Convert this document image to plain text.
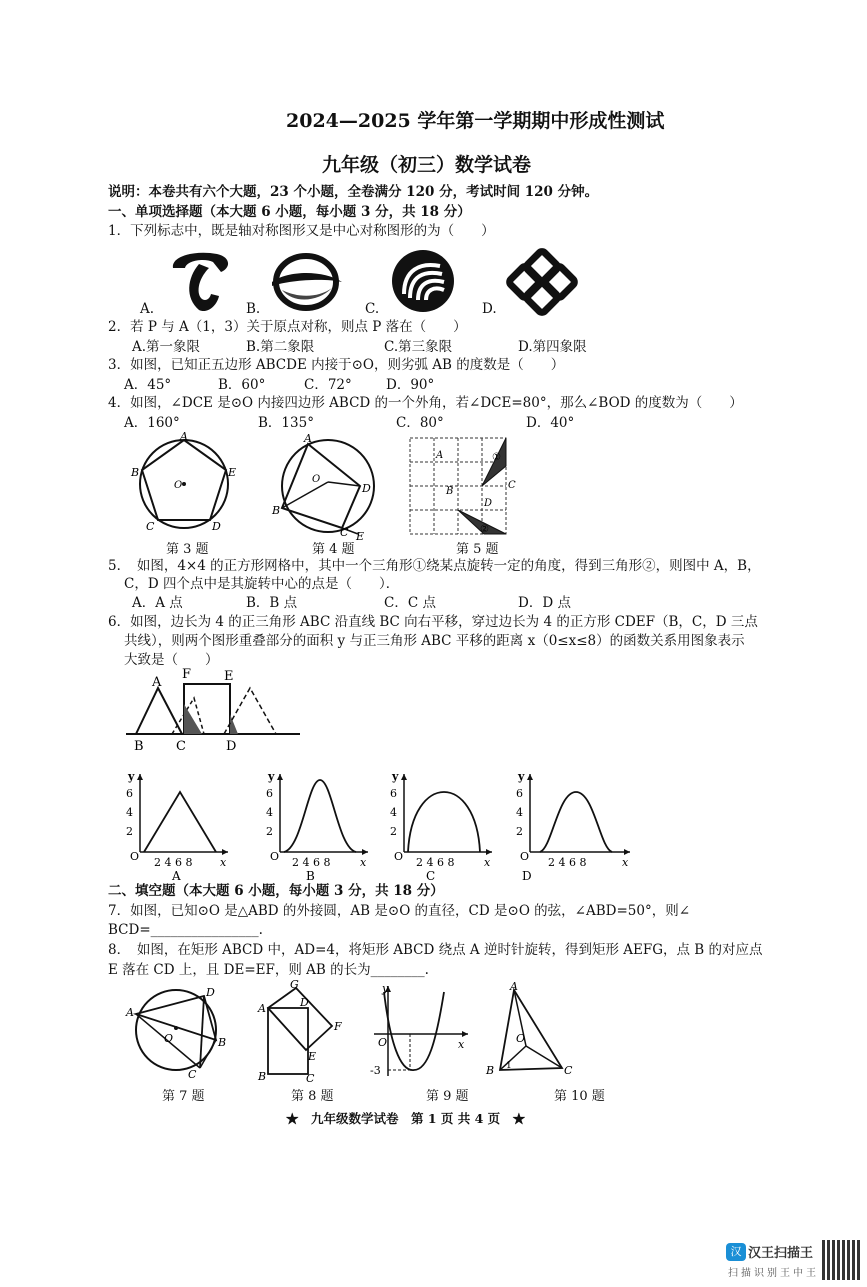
2024—2025 学年第一学期期中形成性测试
九年级（初三）数学试卷
说明：本卷共有六个大题，23 个小题，全卷满分 120 分，考试时间 120 分钟。
一、单项选择题（本大题 6 小题，每小题 3 分，共 18 分）
1．下列标志中，既是轴对称图形又是中心对称图形的为（　　）
A.	B.	C.	D.
2．若 P 与 A（1，3）关于原点对称，则点 P 落在（　　）
A.第一象限	B.第二象限	C.第三象限	D.第四象限
3．如图，已知正五边形 ABCDE 内接于⊙O，则劣弧 AB 的度数是（　　）
A．45°	B．60°	C．72°	D．90°
4．如图，∠DCE 是⊙O 内接四边形 ABCD 的一个外角，若∠DCE=80°，那么∠BOD 的度数为（　　）
A．160°	B．135°	C．80°	D．40°
A
B	E
C	D
O
第 3 题
A
O
D
B
C E
第 4 题
A
B
C
D
①
②
第 5 题
5．　如图，4×4 的正方形网格中，其中一个三角形①绕某点旋转一定的角度，得到三角形②，则图中 A，B，
C，D 四个点中是其旋转中心的点是（　　）．
A．A 点	B．B 点	C．C 点	D．D 点
6．如图，边长为 4 的正三角形 ABC 沿直线 BC 向右平移，穿过边长为 4 的正方形 CDEF（B，C，D 三点
共线），则两个图形重叠部分的面积 y 与正三角形 ABC 平移的距离 x（0≤x≤8）的函数关系用图象表示
大致是（　　）
A
F	E
B C	D
y
6
4
2
O 2 4 6 8	x
A
y
6
4
2
O 2 4 6 8	x
B
y
6
4
2
O 2 4 6 8	x
C
y
6
4
2
O 2 4 6 8	x
D
二、填空题（本大题 6 小题，每小题 3 分，共 18 分）
7．如图，已知⊙O 是△ABD 的外接圆，AB 是⊙O 的直径，CD 是⊙O 的弦，∠ABD=50°，则∠
BCD=________________.
8．　如图，在矩形 ABCD 中，AD=4，将矩形 ABCD 绕点 A 逆时针旋转，得到矩形 AEFG，点 B 的对应点
E 落在 CD 上，且 DE=EF，则 AB 的长为________.
D
A
O	B
C
第 7 题
G
A	D
F
E
B	C
第 8 题
y
O	x
-3
第 9 题
A
O
B	C
1
第 10 题
★　九年级数学试卷　第 1 页 共 4 页　★
汉 汉王扫描王
扫描识别王中王
